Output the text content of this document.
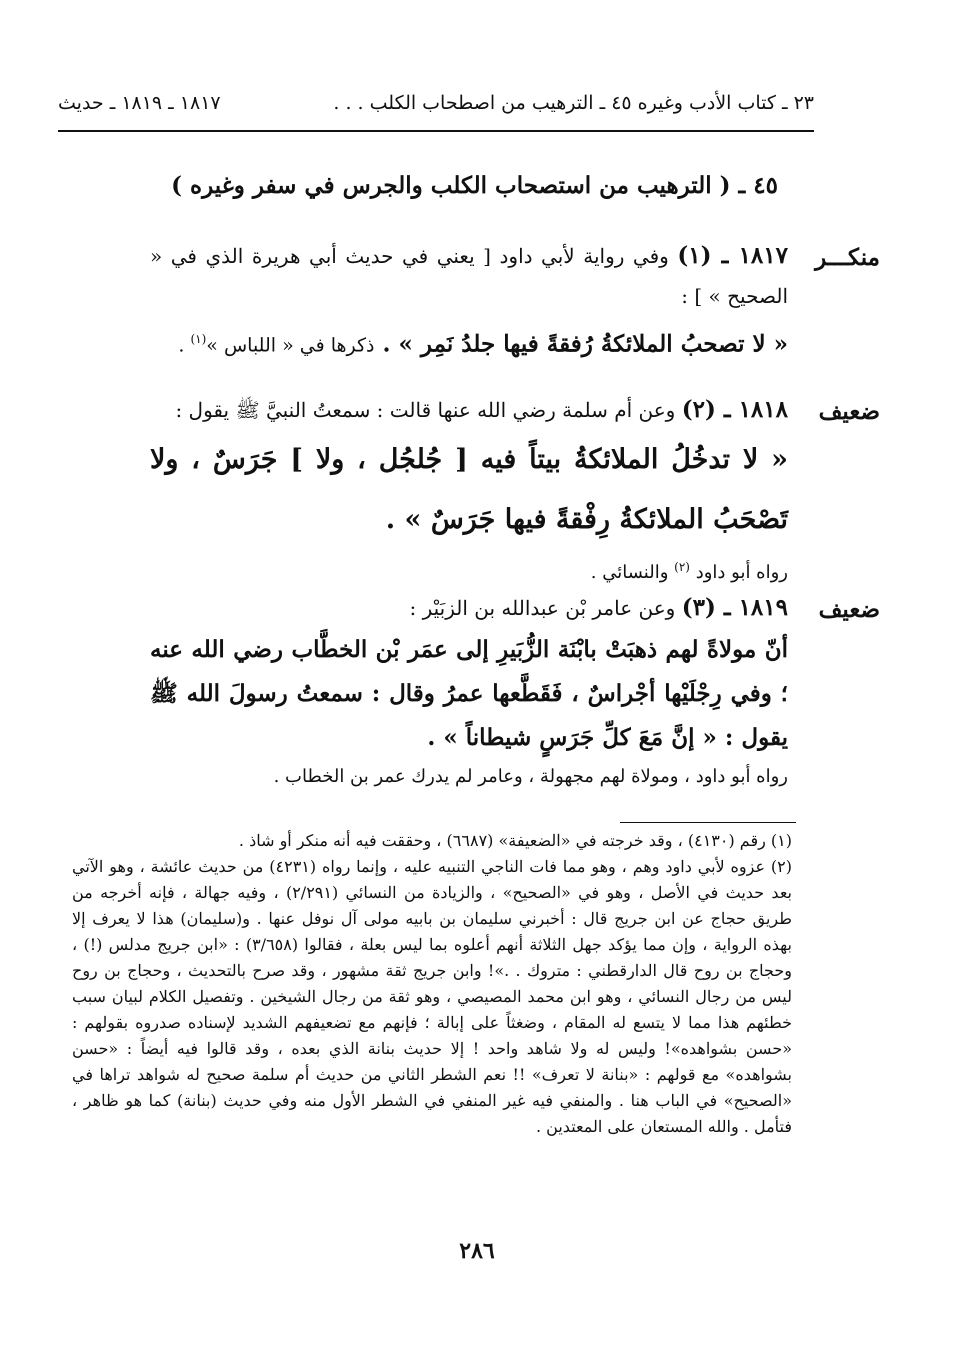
٢٣ ـ كتاب الأدب وغيره ٤٥ ـ الترهيب من اصطحاب الكلب . . .
١٨١٧ ـ ١٨١٩ ـ حديث
٤٥ ـ ( الترهيب من استصحاب الكلب والجرس في سفر وغيره )
منكـــر

١٨١٧ ـ (١) وفي رواية لأبي داود [ يعني في حديث أبي هريرة الذي في « الصحيح » ] :

« لا تصحبُ الملائكةُ رُفقةً فيها جلدُ نَمِر » . ذكرها في « اللباس »$^{(١)}$ .

ضعيف

١٨١٨ ـ (٢) وعن أم سلمة رضي الله عنها قالت : سمعتُ النبيَّ ﷺ يقول :

« لا تدخُلُ الملائكةُ بيتاً فيه [ جُلجُل ، ولا ] جَرَسٌ ، ولا تَصْحَبُ الملائكةُ رِفْقةً فيها جَرَسٌ » .

رواه أبو داود $^{(٢)}$ والنسائي .

ضعيف

١٨١٩ ـ (٣) وعن عامر بْن عبدالله بن الزبَيْر :

أنّ مولاةً لهم ذهبَتْ بابْنَة الزُّبَيرِ إلى عمَر بْن الخطَّاب رضي الله عنه ؛ وفي رِجْلَيْها أجْراسٌ ، فَقَطَّعها عمرُ وقال : سمعتُ رسولَ الله ﷺ يقول : « إنَّ مَعَ كلِّ جَرَسٍ شيطاناً » .

رواه أبو داود ، ومولاة لهم مجهولة ، وعامر لم يدرك عمر بن الخطاب .

(١) رقم (٤١٣٠) ، وقد خرجته في «الضعيفة» (٦٦٨٧) ، وحققت فيه أنه منكر أو شاذ .

(٢) عزوه لأبي داود وهم ، وهو مما فات الناجي التنبيه عليه ، وإنما رواه (٤٢٣١) من حديث عائشة ، وهو الآتي بعد حديث في الأصل ، وهو في «الصحيح» ، والزيادة من النسائي (٢/٢٩١) ، وفيه جهالة ، فإنه أخرجه من طريق حجاج عن ابن جريج قال : أخبرني سليمان بن بابيه مولى آل نوفل عنها . و(سليمان) هذا لا يعرف إلا بهذه الرواية ، وإن مما يؤكد جهل الثلاثة أنهم أعلوه بما ليس بعلة ، فقالوا (٣/٦٥٨) : «ابن جريج مدلس (!) ، وحجاج بن روح قال الدارقطني : متروك . .»! وابن جريج ثقة مشهور ، وقد صرح بالتحديث ، وحجاج بن روح ليس من رجال النسائي ، وهو ابن محمد المصيصي ، وهو ثقة من رجال الشيخين . وتفصيل الكلام لبيان سبب خطئهم هذا مما لا يتسع له المقام ، وضغثاً على إبالة ؛ فإنهم مع تضعيفهم الشديد لإسناده صدروه بقولهم : «حسن بشواهده»! وليس له ولا شاهد واحد ! إلا حديث بنانة الذي بعده ، وقد قالوا فيه أيضاً : «حسن بشواهده» مع قولهم : «بنانة لا تعرف» !! نعم الشطر الثاني من حديث أم سلمة صحيح له شواهد تراها في «الصحيح» في الباب هنا . والمنفي فيه غير المنفي في الشطر الأول منه وفي حديث (بنانة) كما هو ظاهر ، فتأمل . والله المستعان على المعتدين .

٢٨٦
